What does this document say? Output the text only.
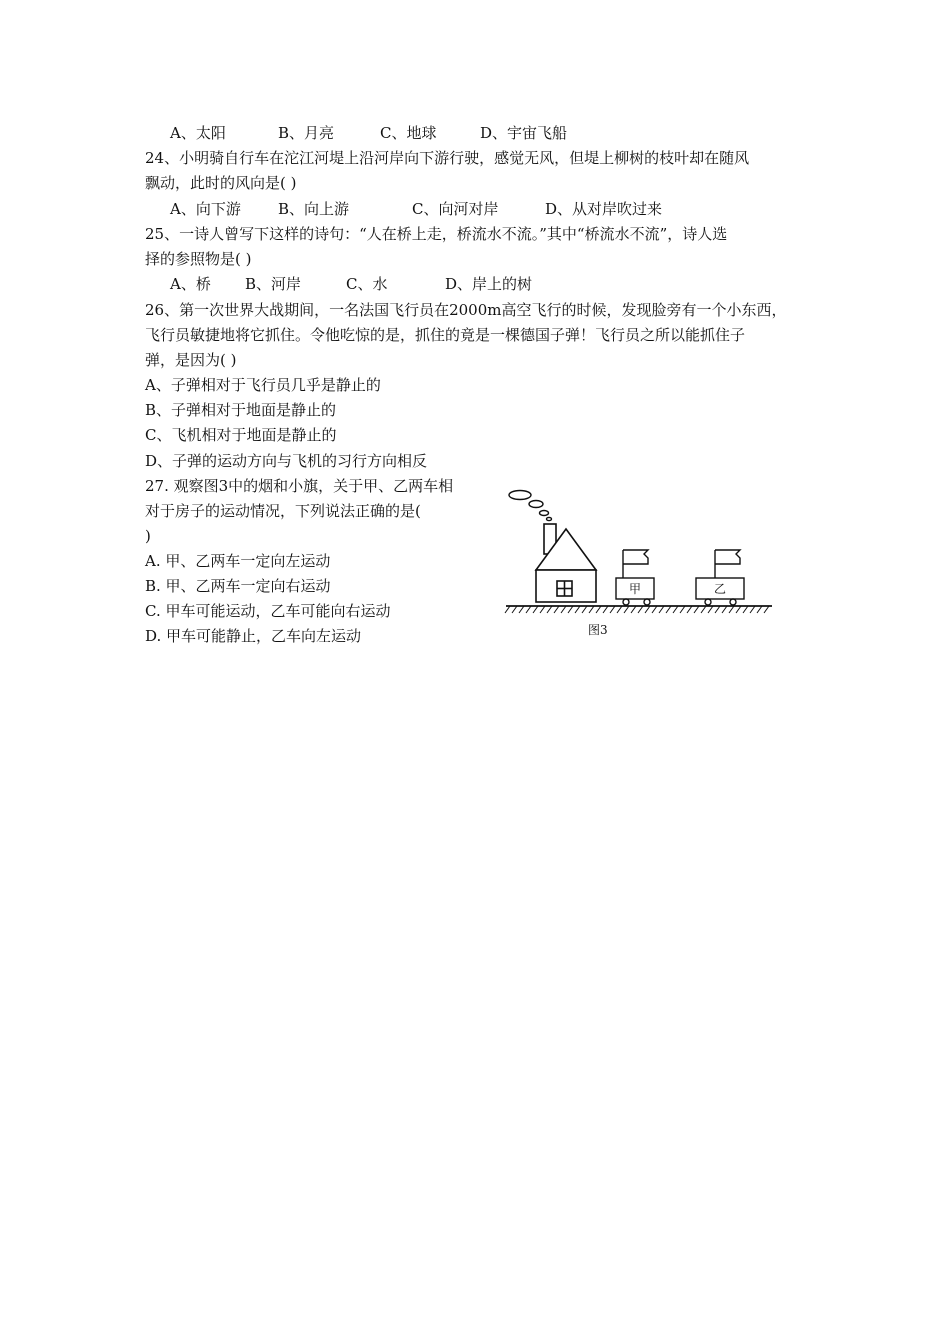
A、太阳	B、月亮	C、地球	D、宇宙飞船
24、小明骑自行车在沱江河堤上沿河岸向下游行驶，感觉无风，但堤上柳树的枝叶却在随风
飘动，此时的风向是( )
A、向下游 B、向上游	C、向河对岸	D、从对岸吹过来
25、一诗人曾写下这样的诗句：“人在桥上走，桥流水不流。”其中“桥流水不流”，诗人选
择的参照物是( )
A、桥 B、河岸	C、水	D、岸上的树
26、第一次世界大战期间，一名法国飞行员在2000m高空飞行的时候，发现脸旁有一个小东西，
飞行员敏捷地将它抓住。令他吃惊的是，抓住的竟是一棵德国子弹！飞行员之所以能抓住子
弹，是因为( )
A、子弹相对于飞行员几乎是静止的
B、子弹相对于地面是静止的
C、飞机相对于地面是静止的
D、子弹的运动方向与飞机的习行方向相反
27. 观察图3中的烟和小旗，关于甲、乙两车相
对于房子的运动情况，下列说法正确的是(
)
A. 甲、乙两车一定向左运动
B. 甲、乙两车一定向右运动
C. 甲车可能运动，乙车可能向右运动
D. 甲车可能静止，乙车向左运动
甲	乙
图3
